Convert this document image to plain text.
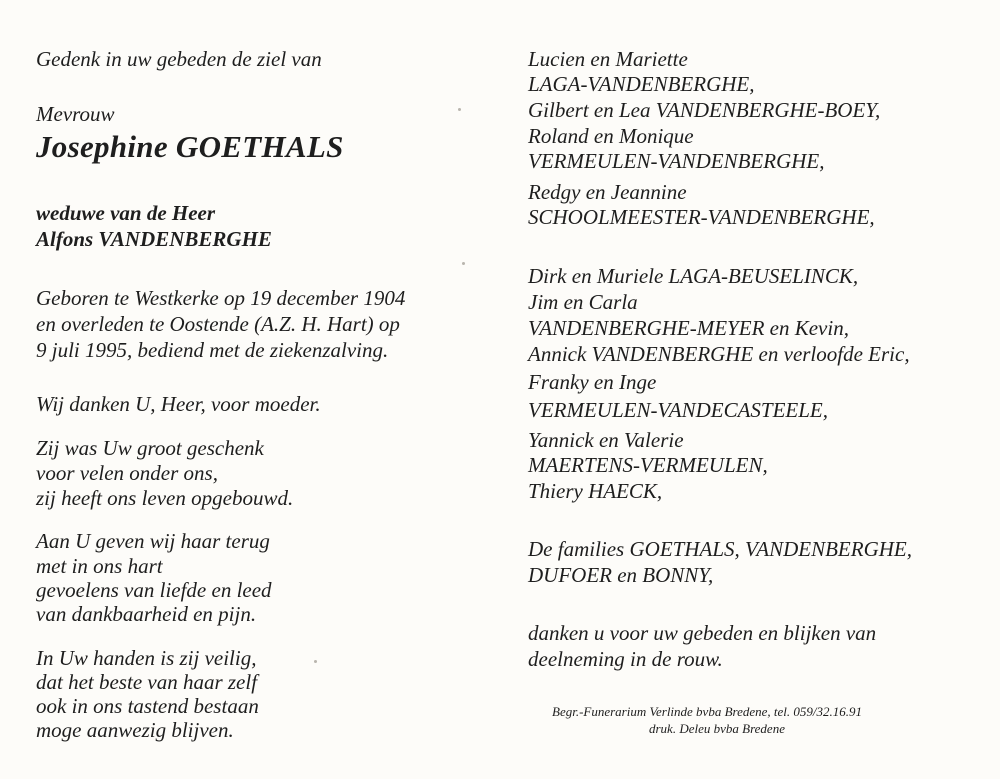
Gedenk in uw gebeden de ziel van
Mevrouw
Josephine GOETHALS
weduwe van de Heer
Alfons VANDENBERGHE
Geboren te Westkerke op 19 december 1904
en overleden te Oostende (A.Z. H. Hart) op
9 juli 1995, bediend met de ziekenzalving.
Wij danken U, Heer, voor moeder.
Zij was Uw groot geschenk
voor velen onder ons,
zij heeft ons leven opgebouwd.
Aan U geven wij haar terug
met in ons hart
gevoelens van liefde en leed
van dankbaarheid en pijn.
In Uw handen is zij veilig,
dat het beste van haar zelf
ook in ons tastend bestaan
moge aanwezig blijven.
Lucien en Mariette
LAGA-VANDENBERGHE,
Gilbert en Lea VANDENBERGHE-BOEY,
Roland en Monique
VERMEULEN-VANDENBERGHE,
Redgy en Jeannine
SCHOOLMEESTER-VANDENBERGHE,
Dirk en Muriele LAGA-BEUSELINCK,
Jim en Carla
VANDENBERGHE-MEYER en Kevin,
Annick VANDENBERGHE en verloofde Eric,
Franky en Inge
VERMEULEN-VANDECASTEELE,
Yannick en Valerie
MAERTENS-VERMEULEN,
Thiery HAECK,
De families GOETHALS, VANDENBERGHE,
DUFOER en BONNY,
danken u voor uw gebeden en blijken van
deelneming in de rouw.
Begr.-Funerarium Verlinde bvba Bredene, tel. 059/32.16.91
druk. Deleu bvba Bredene
